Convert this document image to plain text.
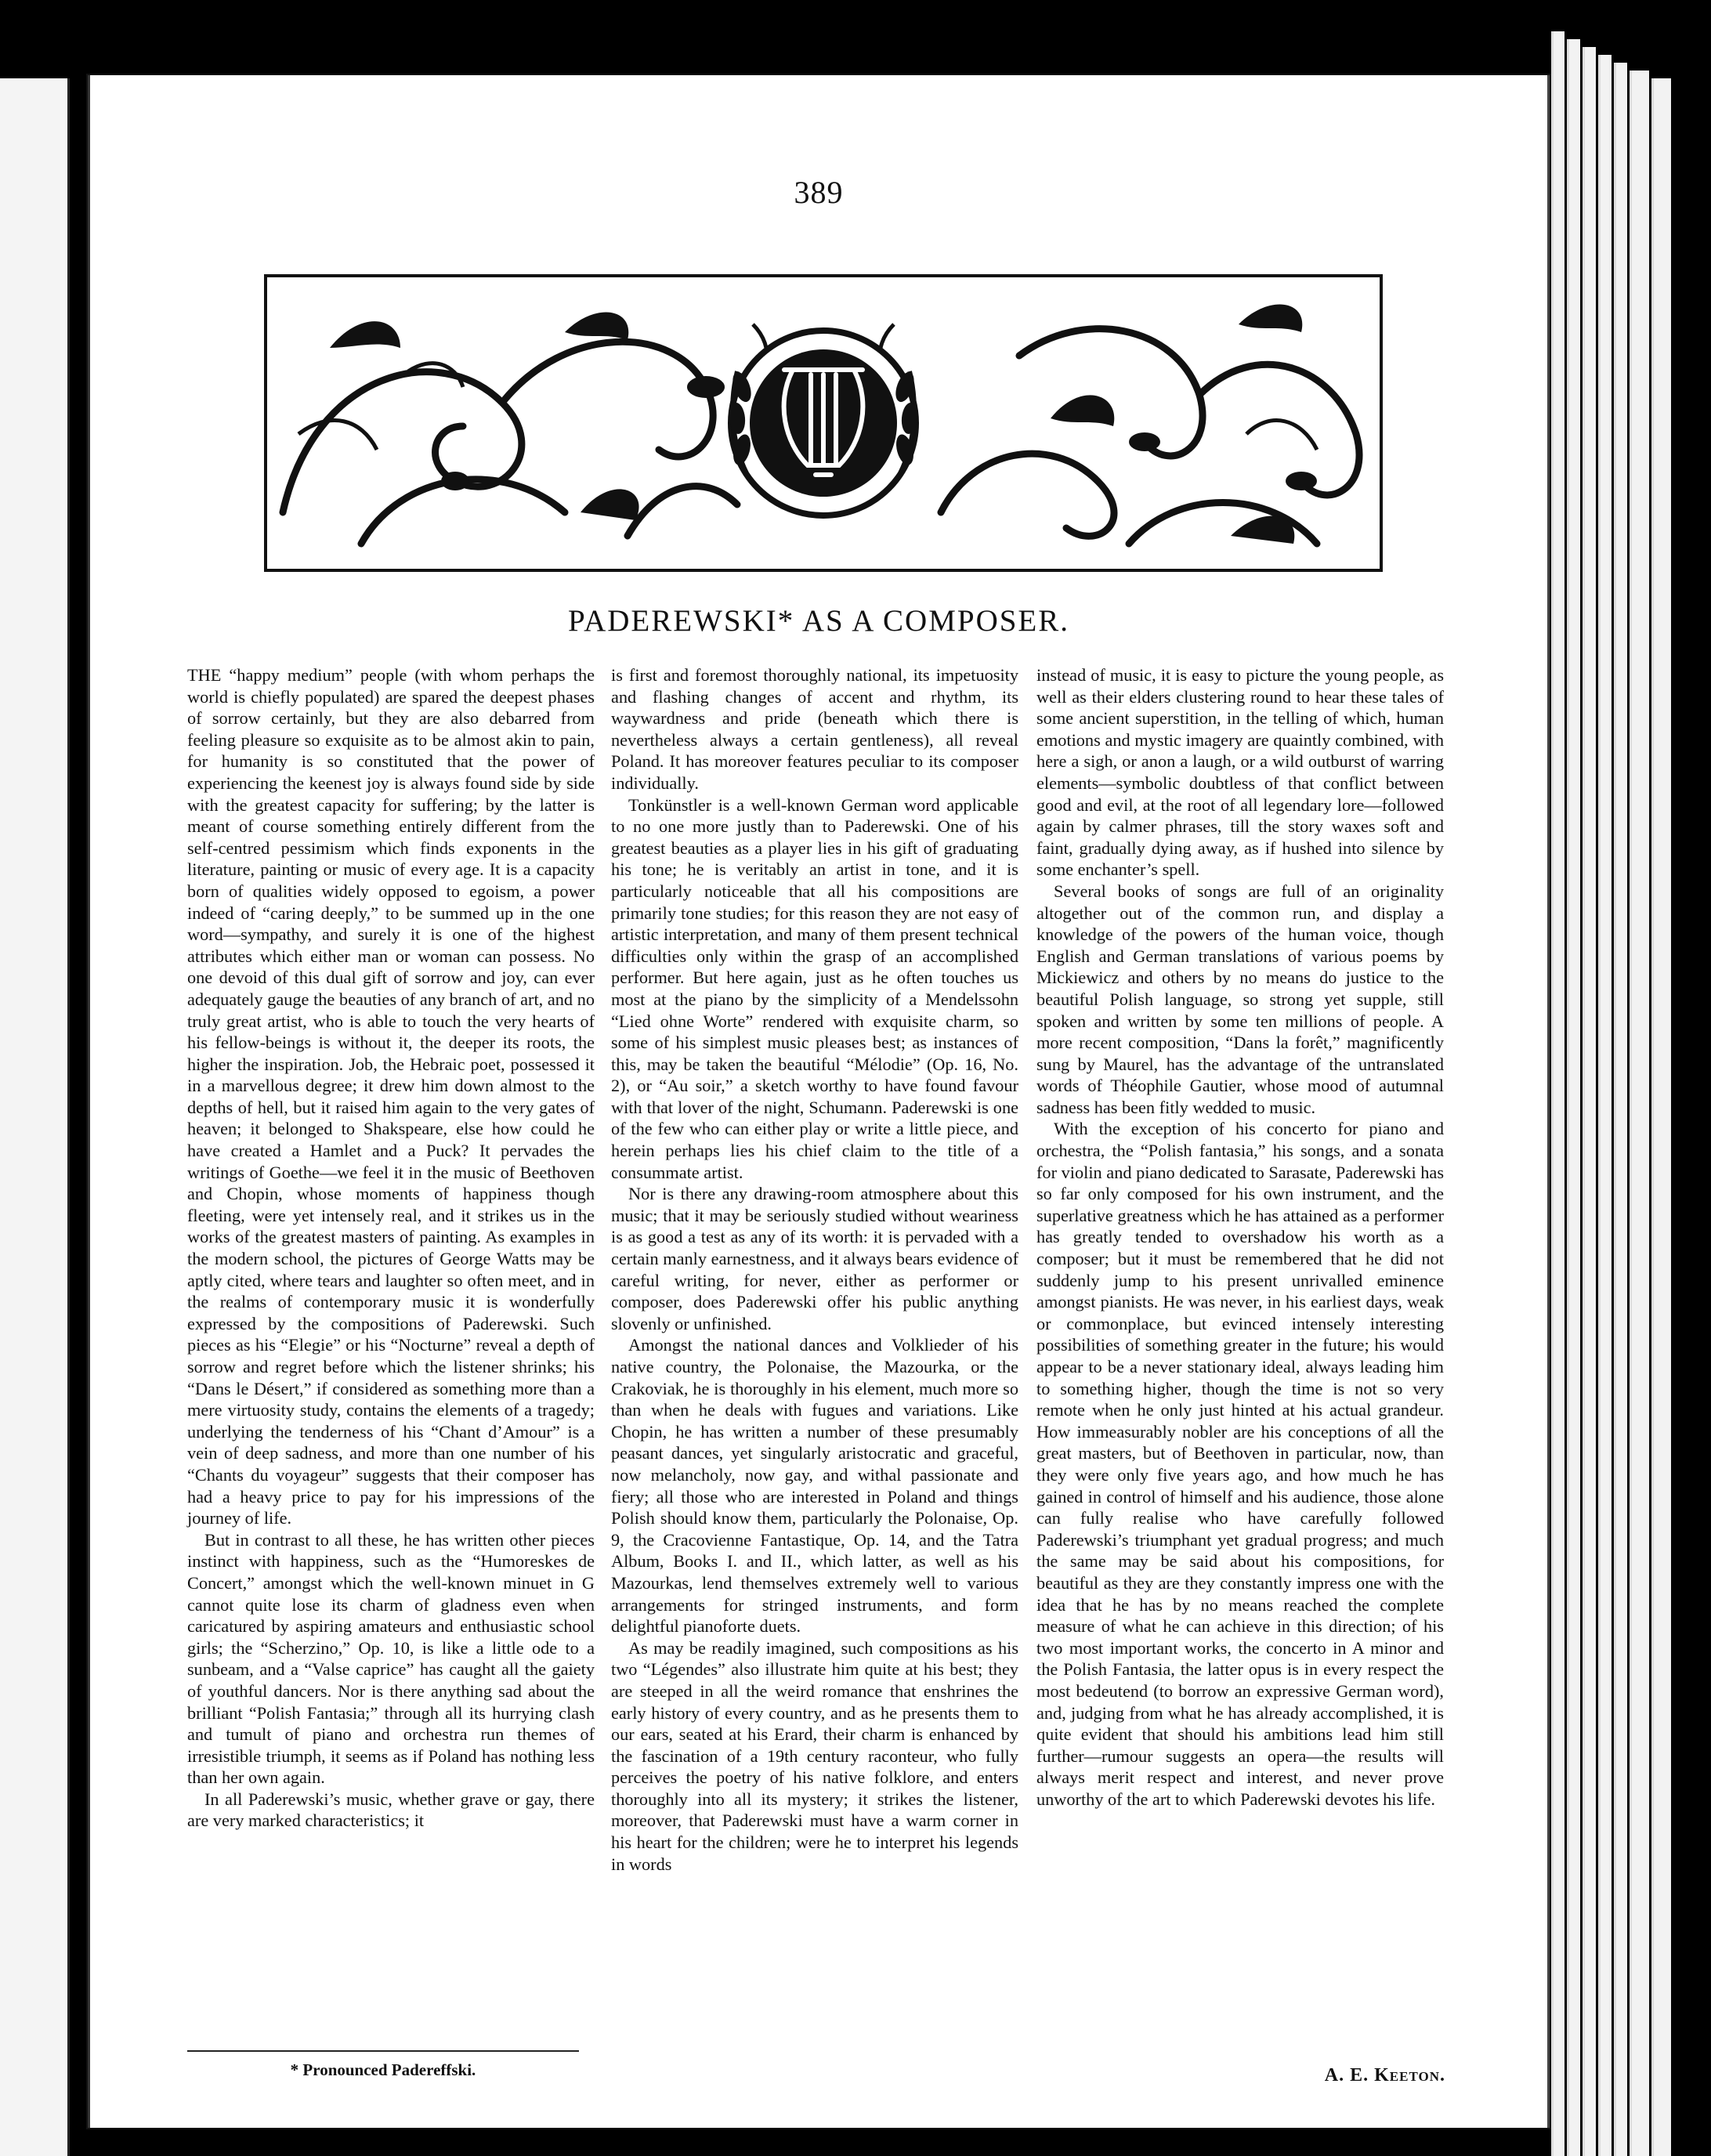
389
PADEREWSKI* AS A COMPOSER.

THE “happy medium” people (with whom perhaps the world is chiefly populated) are spared the deepest phases of sorrow certainly, but they are also debarred from feeling pleasure so exquisite as to be almost akin to pain, for humanity is so constituted that the power of experiencing the keenest joy is always found side by side with the greatest capacity for suffering; by the latter is meant of course something entirely different from the self-centred pessimism which finds exponents in the literature, painting or music of every age. It is a capacity born of qualities widely opposed to egoism, a power indeed of “caring deeply,” to be summed up in the one word—sympathy, and surely it is one of the highest attributes which either man or woman can possess. No one devoid of this dual gift of sorrow and joy, can ever adequately gauge the beauties of any branch of art, and no truly great artist, who is able to touch the very hearts of his fellow-beings is without it, the deeper its roots, the higher the inspiration. Job, the Hebraic poet, possessed it in a marvellous degree; it drew him down almost to the depths of hell, but it raised him again to the very gates of heaven; it belonged to Shakspeare, else how could he have created a Hamlet and a Puck? It pervades the writings of Goethe—we feel it in the music of Beethoven and Chopin, whose moments of happiness though fleeting, were yet intensely real, and it strikes us in the works of the greatest masters of painting. As examples in the modern school, the pictures of George Watts may be aptly cited, where tears and laughter so often meet, and in the realms of contemporary music it is wonderfully expressed by the compositions of Paderewski. Such pieces as his “Elegie” or his “Nocturne” reveal a depth of sorrow and regret before which the listener shrinks; his “Dans le Désert,” if considered as something more than a mere virtuosity study, contains the elements of a tragedy; underlying the tenderness of his “Chant d’Amour” is a vein of deep sadness, and more than one number of his “Chants du voyageur” suggests that their composer has had a heavy price to pay for his impressions of the journey of life.

But in contrast to all these, he has written other pieces instinct with happiness, such as the “Humoreskes de Concert,” amongst which the well-known minuet in G cannot quite lose its charm of gladness even when caricatured by aspiring amateurs and enthusiastic school girls; the “Scherzino,” Op. 10, is like a little ode to a sunbeam, and a “Valse caprice” has caught all the gaiety of youthful dancers. Nor is there anything sad about the brilliant “Polish Fantasia;” through all its hurrying clash and tumult of piano and orchestra run themes of irresistible triumph, it seems as if Poland has nothing less than her own again.

In all Paderewski’s music, whether grave or gay, there are very marked characteristics; it

is first and foremost thoroughly national, its impetuosity and flashing changes of accent and rhythm, its waywardness and pride (beneath which there is nevertheless always a certain gentleness), all reveal Poland. It has moreover features peculiar to its composer individually.

Tonkünstler is a well-known German word applicable to no one more justly than to Paderewski. One of his greatest beauties as a player lies in his gift of graduating his tone; he is veritably an artist in tone, and it is particularly noticeable that all his compositions are primarily tone studies; for this reason they are not easy of artistic interpretation, and many of them present technical difficulties only within the grasp of an accomplished performer. But here again, just as he often touches us most at the piano by the simplicity of a Mendelssohn “Lied ohne Worte” rendered with exquisite charm, so some of his simplest music pleases best; as instances of this, may be taken the beautiful “Mélodie” (Op. 16, No. 2), or “Au soir,” a sketch worthy to have found favour with that lover of the night, Schumann. Paderewski is one of the few who can either play or write a little piece, and herein perhaps lies his chief claim to the title of a consummate artist.

Nor is there any drawing-room atmosphere about this music; that it may be seriously studied without weariness is as good a test as any of its worth: it is pervaded with a certain manly earnestness, and it always bears evidence of careful writing, for never, either as performer or composer, does Paderewski offer his public anything slovenly or unfinished.

Amongst the national dances and Volklieder of his native country, the Polonaise, the Mazourka, or the Crakoviak, he is thoroughly in his element, much more so than when he deals with fugues and variations. Like Chopin, he has written a number of these presumably peasant dances, yet singularly aristocratic and graceful, now melancholy, now gay, and withal passionate and fiery; all those who are interested in Poland and things Polish should know them, particularly the Polonaise, Op. 9, the Cracovienne Fantastique, Op. 14, and the Tatra Album, Books I. and II., which latter, as well as his Mazourkas, lend themselves extremely well to various arrangements for stringed instruments, and form delightful pianoforte duets.

As may be readily imagined, such compositions as his two “Légendes” also illustrate him quite at his best; they are steeped in all the weird romance that enshrines the early history of every country, and as he presents them to our ears, seated at his Erard, their charm is enhanced by the fascination of a 19th century raconteur, who fully perceives the poetry of his native folklore, and enters thoroughly into all its mystery; it strikes the listener, moreover, that Paderewski must have a warm corner in his heart for the children; were he to interpret his legends in words

instead of music, it is easy to picture the young people, as well as their elders clustering round to hear these tales of some ancient superstition, in the telling of which, human emotions and mystic imagery are quaintly combined, with here a sigh, or anon a laugh, or a wild outburst of warring elements—symbolic doubtless of that conflict between good and evil, at the root of all legendary lore—followed again by calmer phrases, till the story waxes soft and faint, gradually dying away, as if hushed into silence by some enchanter’s spell.

Several books of songs are full of an originality altogether out of the common run, and display a knowledge of the powers of the human voice, though English and German translations of various poems by Mickiewicz and others by no means do justice to the beautiful Polish language, so strong yet supple, still spoken and written by some ten millions of people. A more recent composition, “Dans la forêt,” magnificently sung by Maurel, has the advantage of the untranslated words of Théophile Gautier, whose mood of autumnal sadness has been fitly wedded to music.

With the exception of his concerto for piano and orchestra, the “Polish fantasia,” his songs, and a sonata for violin and piano dedicated to Sarasate, Paderewski has so far only composed for his own instrument, and the superlative greatness which he has attained as a performer has greatly tended to overshadow his worth as a composer; but it must be remembered that he did not suddenly jump to his present unrivalled eminence amongst pianists. He was never, in his earliest days, weak or commonplace, but evinced intensely interesting possibilities of something greater in the future; his would appear to be a never stationary ideal, always leading him to something higher, though the time is not so very remote when he only just hinted at his actual grandeur. How immeasurably nobler are his conceptions of all the great masters, but of Beethoven in particular, now, than they were only five years ago, and how much he has gained in control of himself and his audience, those alone can fully realise who have carefully followed Paderewski’s triumphant yet gradual progress; and much the same may be said about his compositions, for beautiful as they are they constantly impress one with the idea that he has by no means reached the complete measure of what he can achieve in this direction; of his two most important works, the concerto in A minor and the Polish Fantasia, the latter opus is in every respect the most bedeutend (to borrow an expressive German word), and, judging from what he has already accomplished, it is quite evident that should his ambitions lead him still further—rumour suggests an opera—the results will always merit respect and interest, and never prove unworthy of the art to which Paderewski devotes his life.

* Pronounced Padereffski.	A. E. Keeton.
